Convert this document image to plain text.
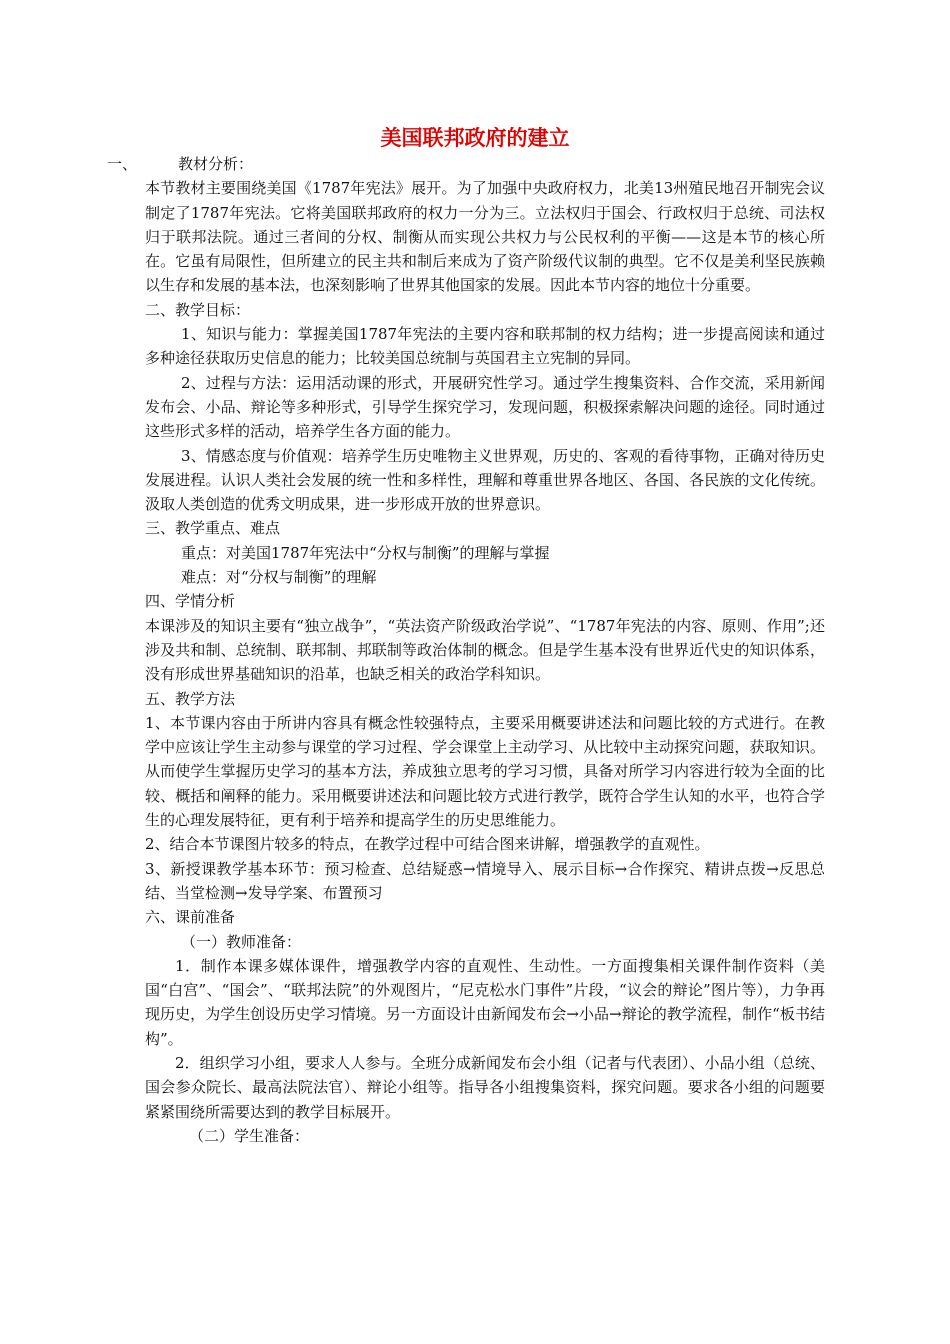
美国联邦政府的建立
一、	教材分析：

本节教材主要围绕美国《1787年宪法》展开。为了加强中央政府权力，北美13州殖民地召开制宪会议制定了1787年宪法。它将美国联邦政府的权力一分为三。立法权归于国会、行政权归于总统、司法权归于联邦法院。通过三者间的分权、制衡从而实现公共权力与公民权利的平衡——这是本节的核心所在。它虽有局限性，但所建立的民主共和制后来成为了资产阶级代议制的典型。它不仅是美利坚民族赖以生存和发展的基本法，也深刻影响了世界其他国家的发展。因此本节内容的地位十分重要。

二、教学目标：

1、知识与能力：掌握美国1787年宪法的主要内容和联邦制的权力结构；进一步提高阅读和通过多种途径获取历史信息的能力；比较美国总统制与英国君主立宪制的异同。

2、过程与方法：运用活动课的形式，开展研究性学习。通过学生搜集资料、合作交流，采用新闻发布会、小品、辩论等多种形式，引导学生探究学习，发现问题，积极探索解决问题的途径。同时通过这些形式多样的活动，培养学生各方面的能力。

3、情感态度与价值观：培养学生历史唯物主义世界观，历史的、客观的看待事物，正确对待历史发展进程。认识人类社会发展的统一性和多样性，理解和尊重世界各地区、各国、各民族的文化传统。汲取人类创造的优秀文明成果，进一步形成开放的世界意识。

三、教学重点、难点

重点：对美国1787年宪法中“分权与制衡”的理解与掌握

难点：对“分权与制衡”的理解

四、学情分析

本课涉及的知识主要有“独立战争”，“英法资产阶级政治学说”、“1787年宪法的内容、原则、作用”;还涉及共和制、总统制、联邦制、邦联制等政治体制的概念。但是学生基本没有世界近代史的知识体系，没有形成世界基础知识的沿革，也缺乏相关的政治学科知识。

五、教学方法

1、本节课内容由于所讲内容具有概念性较强特点，主要采用概要讲述法和问题比较的方式进行。在教学中应该让学生主动参与课堂的学习过程、学会课堂上主动学习、从比较中主动探究问题，获取知识。从而使学生掌握历史学习的基本方法，养成独立思考的学习习惯，具备对所学习内容进行较为全面的比较、概括和阐释的能力。采用概要讲述法和问题比较方式进行教学，既符合学生认知的水平，也符合学生的心理发展特征，更有利于培养和提高学生的历史思维能力。

2、结合本节课图片较多的特点，在教学过程中可结合图来讲解，增强教学的直观性。

3、新授课教学基本环节：预习检查、总结疑惑→情境导入、展示目标→合作探究、精讲点拨→反思总结、当堂检测→发导学案、布置预习

六、课前准备

（一）教师准备：

1．制作本课多媒体课件，增强教学内容的直观性、生动性。一方面搜集相关课件制作资料（美国“白宫”、“国会”、“联邦法院”的外观图片，“尼克松水门事件”片段，“议会的辩论”图片等），力争再现历史，为学生创设历史学习情境。另一方面设计由新闻发布会→小品→辩论的教学流程，制作“板书结构”。

2．组织学习小组，要求人人参与。全班分成新闻发布会小组（记者与代表团）、小品小组（总统、国会参众院长、最高法院法官）、辩论小组等。指导各小组搜集资料，探究问题。要求各小组的问题要紧紧围绕所需要达到的教学目标展开。

（二）学生准备：
